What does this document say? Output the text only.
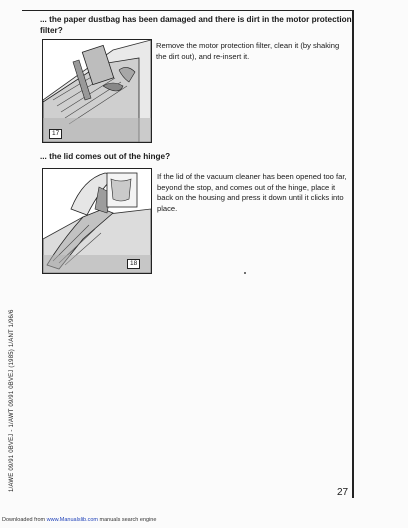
... the paper dustbag has been damaged and there is dirt in the motor protection filter?

17

Remove the motor protection filter, clean it (by shaking the dirt out), and re-insert it.

... the lid comes out of the hinge?

18

If the lid of the vacuum cleaner has been opened too far, beyond the stop, and comes out of the hinge, place it back on the housing and press it down until it clicks into place.

1/AWE 09/91 0BVEJ - 1/AWT 09/91 0BVEJ (1985) 1/ANT 1/96/6
27
Downloaded from www.Manualslib.com manuals search engine
